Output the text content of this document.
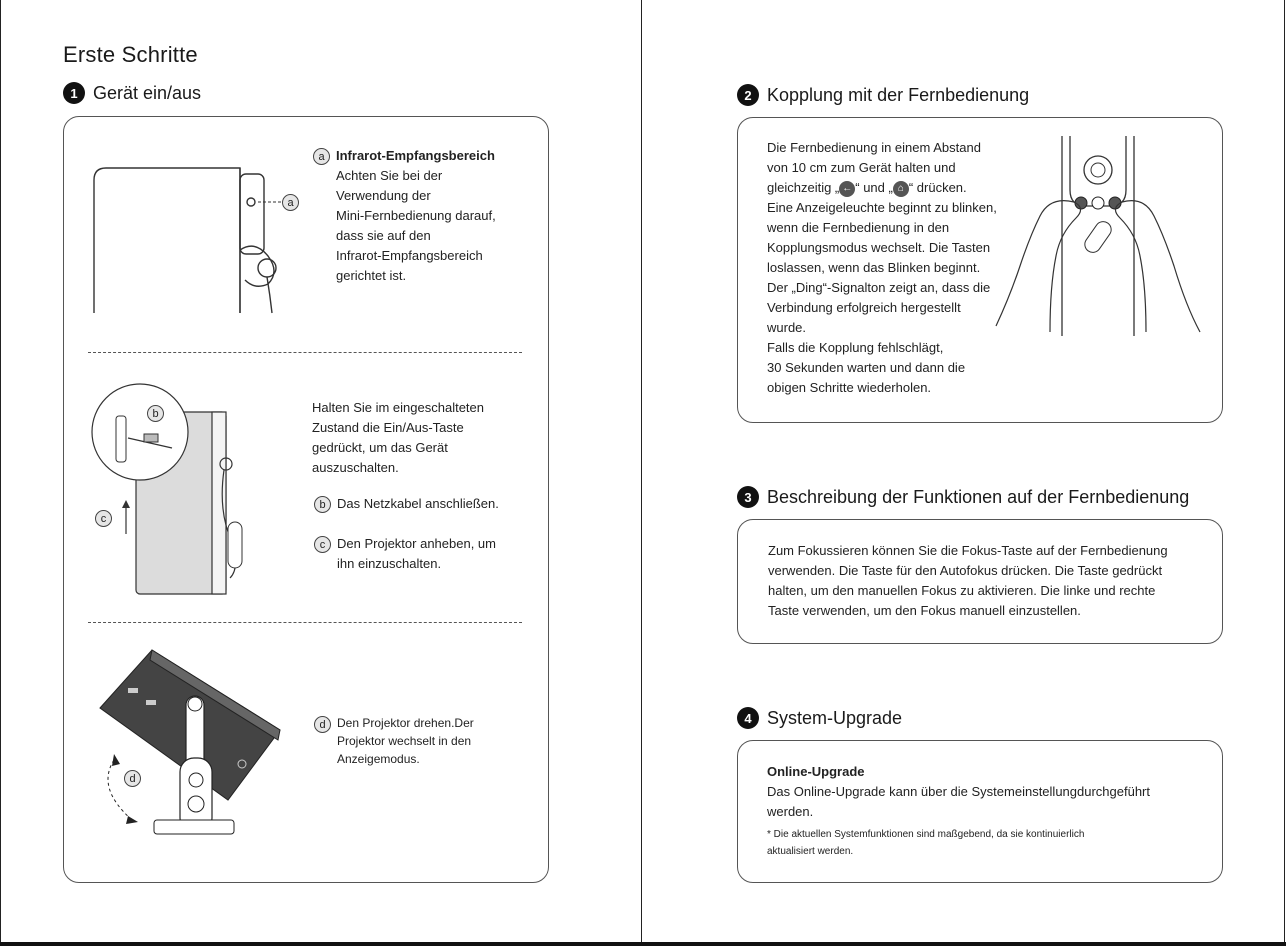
Erste Schritte
1 Gerät ein/aus
a
a Infrarot-Empfangsbereich

Achten Sie bei der

Verwendung der

Mini-Fernbedienung darauf,

dass sie auf den

Infrarot-Empfangsbereich

gerichtet ist.

b
c

Halten Sie im eingeschalteten

Zustand die Ein/Aus-Taste

gedrückt, um das Gerät

auszuschalten.

b Das Netzkabel anschließen.
c Den Projektor anheben, um

ihn einzuschalten.

d
d Den Projektor drehen.Der

Projektor wechselt in den

Anzeigemodus.

2 Kopplung mit der Fernbedienung

Die Fernbedienung in einem Abstand

von 10 cm zum Gerät halten und

gleichzeitig „ ← “ und „ ⌂ “ drücken.

Eine Anzeigeleuchte beginnt zu blinken,

wenn die Fernbedienung in den

Kopplungsmodus wechselt. Die Tasten

loslassen, wenn das Blinken beginnt.

Der „Ding“-Signalton zeigt an, dass die

Verbindung erfolgreich hergestellt

wurde.

Falls die Kopplung fehlschlägt,

30 Sekunden warten und dann die

obigen Schritte wiederholen.

3 Beschreibung der Funktionen auf der Fernbedienung

Zum Fokussieren können Sie die Fokus-Taste auf der Fernbedienung

verwenden. Die Taste für den Autofokus drücken. Die Taste gedrückt

halten, um den manuellen Fokus zu aktivieren. Die linke und rechte

Taste verwenden, um den Fokus manuell einzustellen.

4 System-Upgrade

Online-Upgrade

Das Online-Upgrade kann über die Systemeinstellungdurchgeführt

werden.

* Die aktuellen Systemfunktionen sind maßgebend, da sie kontinuierlich

aktualisiert werden.
